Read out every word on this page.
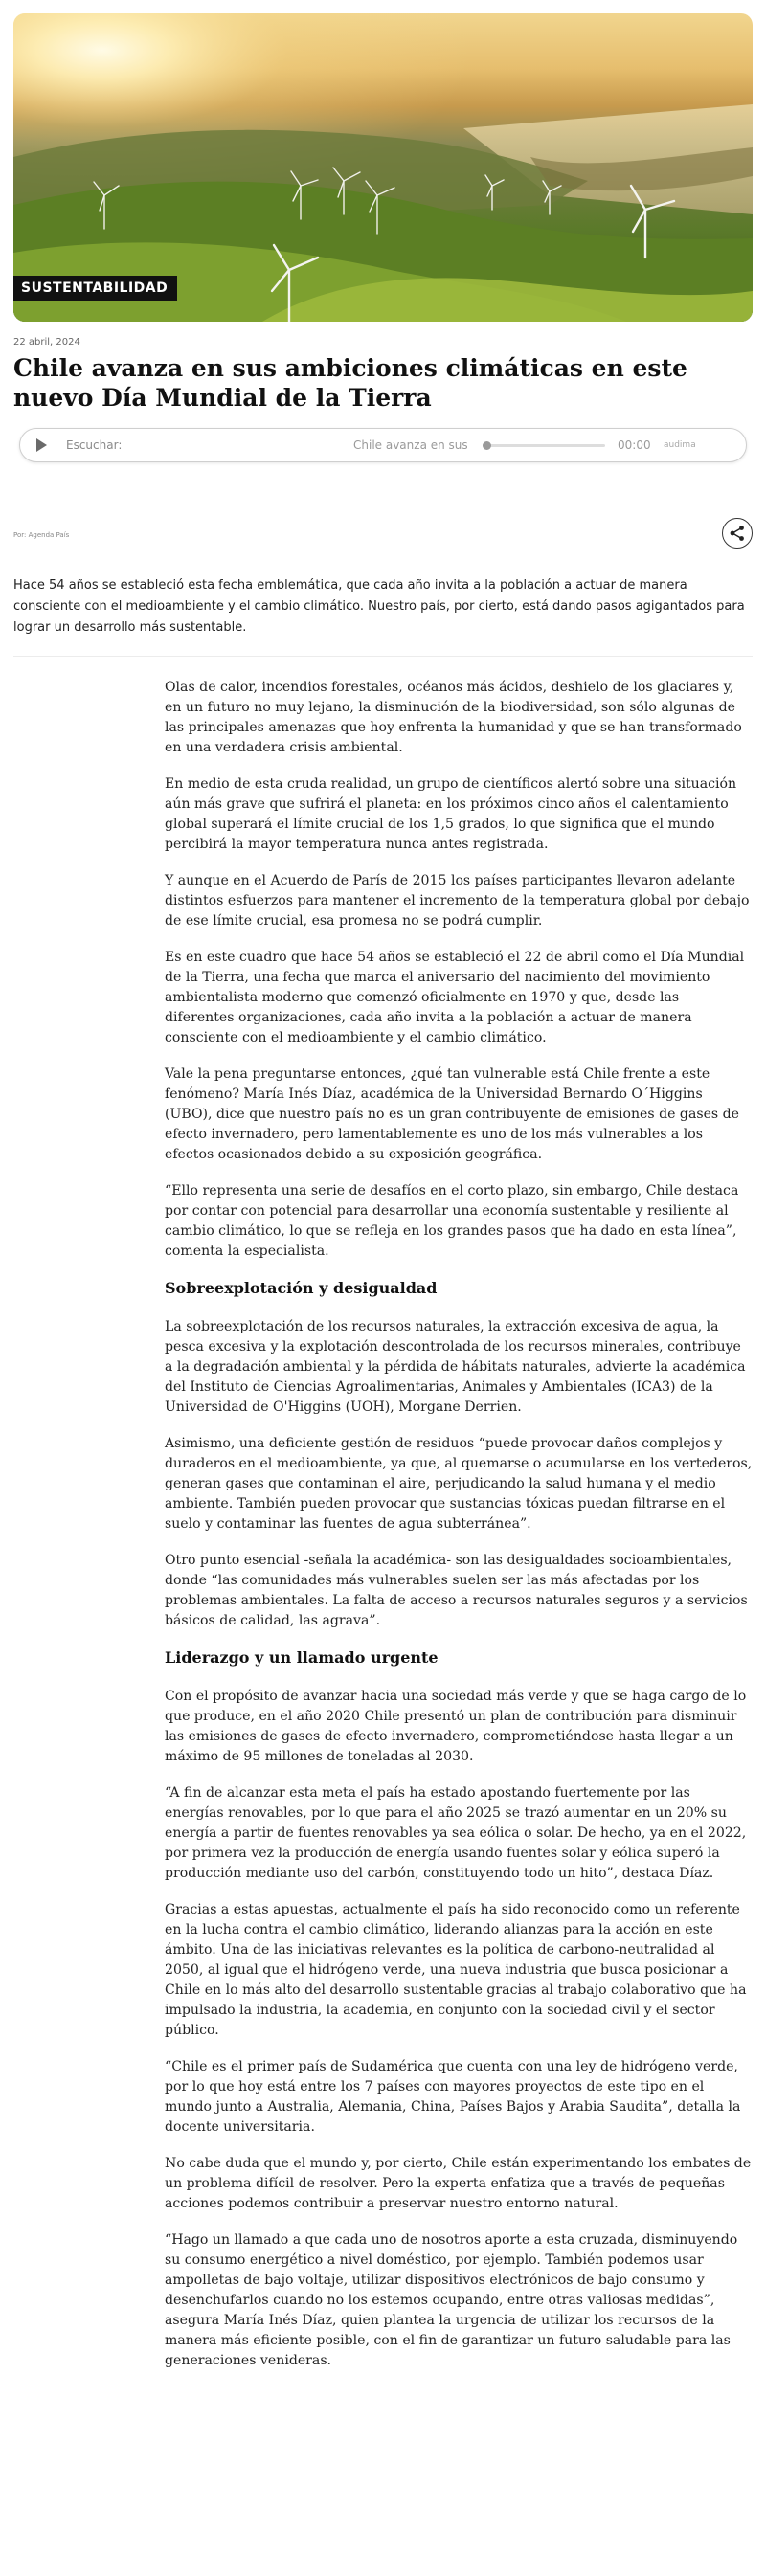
SUSTENTABILIDAD
22 abril, 2024
Chile avanza en sus ambiciones climáticas en este nuevo Día Mundial de la Tierra
Escuchar:	Chile avanza en sus	00:00	audima
Por: Agenda País

Hace 54 años se estableció esta fecha emblemática, que cada año invita a la población a actuar de manera consciente con el medioambiente y el cambio climático. Nuestro país, por cierto, está dando pasos agigantados para lograr un desarrollo más sustentable.

Olas de calor, incendios forestales, océanos más ácidos, deshielo de los glaciares y, en un futuro no muy lejano, la disminución de la biodiversidad, son sólo algunas de las principales amenazas que hoy enfrenta la humanidad y que se han transformado en una verdadera crisis ambiental.

En medio de esta cruda realidad, un grupo de científicos alertó sobre una situación aún más grave que sufrirá el planeta: en los próximos cinco años el calentamiento global superará el límite crucial de los 1,5 grados, lo que significa que el mundo percibirá la mayor temperatura nunca antes registrada.

Y aunque en el Acuerdo de París de 2015 los países participantes llevaron adelante distintos esfuerzos para mantener el incremento de la temperatura global por debajo de ese límite crucial, esa promesa no se podrá cumplir.

Es en este cuadro que hace 54 años se estableció el 22 de abril como el Día Mundial de la Tierra, una fecha que marca el aniversario del nacimiento del movimiento ambientalista moderno que comenzó oficialmente en 1970 y que, desde las diferentes organizaciones, cada año invita a la población a actuar de manera consciente con el medioambiente y el cambio climático.

Vale la pena preguntarse entonces, ¿qué tan vulnerable está Chile frente a este fenómeno? María Inés Díaz, académica de la Universidad Bernardo O´Higgins (UBO), dice que nuestro país no es un gran contribuyente de emisiones de gases de efecto invernadero, pero lamentablemente es uno de los más vulnerables a los efectos ocasionados debido a su exposición geográfica.

“Ello representa una serie de desafíos en el corto plazo, sin embargo, Chile destaca por contar con potencial para desarrollar una economía sustentable y resiliente al cambio climático, lo que se refleja en los grandes pasos que ha dado en esta línea”, comenta la especialista.

Sobreexplotación y desigualdad

La sobreexplotación de los recursos naturales, la extracción excesiva de agua, la pesca excesiva y la explotación descontrolada de los recursos minerales, contribuye a la degradación ambiental y la pérdida de hábitats naturales, advierte la académica del Instituto de Ciencias Agroalimentarias, Animales y Ambientales (ICA3) de la Universidad de O'Higgins (UOH), Morgane Derrien.

Asimismo, una deficiente gestión de residuos “puede provocar daños complejos y duraderos en el medioambiente, ya que, al quemarse o acumularse en los vertederos, generan gases que contaminan el aire, perjudicando la salud humana y el medio ambiente. También pueden provocar que sustancias tóxicas puedan filtrarse en el suelo y contaminar las fuentes de agua subterránea”.

Otro punto esencial -señala la académica- son las desigualdades socioambientales, donde “las comunidades más vulnerables suelen ser las más afectadas por los problemas ambientales. La falta de acceso a recursos naturales seguros y a servicios básicos de calidad, las agrava”.

Liderazgo y un llamado urgente

Con el propósito de avanzar hacia una sociedad más verde y que se haga cargo de lo que produce, en el año 2020 Chile presentó un plan de contribución para disminuir las emisiones de gases de efecto invernadero, comprometiéndose hasta llegar a un máximo de 95 millones de toneladas al 2030.

“A fin de alcanzar esta meta el país ha estado apostando fuertemente por las energías renovables, por lo que para el año 2025 se trazó aumentar en un 20% su energía a partir de fuentes renovables ya sea eólica o solar. De hecho, ya en el 2022, por primera vez la producción de energía usando fuentes solar y eólica superó la producción mediante uso del carbón, constituyendo todo un hito”, destaca Díaz.

Gracias a estas apuestas, actualmente el país ha sido reconocido como un referente en la lucha contra el cambio climático, liderando alianzas para la acción en este ámbito. Una de las iniciativas relevantes es la política de carbono-neutralidad al 2050, al igual que el hidrógeno verde, una nueva industria que busca posicionar a Chile en lo más alto del desarrollo sustentable gracias al trabajo colaborativo que ha impulsado la industria, la academia, en conjunto con la sociedad civil y el sector público.

“Chile es el primer país de Sudamérica que cuenta con una ley de hidrógeno verde, por lo que hoy está entre los 7 países con mayores proyectos de este tipo en el mundo junto a Australia, Alemania, China, Países Bajos y Arabia Saudita”, detalla la docente universitaria.

No cabe duda que el mundo y, por cierto, Chile están experimentando los embates de un problema difícil de resolver. Pero la experta enfatiza que a través de pequeñas acciones podemos contribuir a preservar nuestro entorno natural.

“Hago un llamado a que cada uno de nosotros aporte a esta cruzada, disminuyendo su consumo energético a nivel doméstico, por ejemplo. También podemos usar ampolletas de bajo voltaje, utilizar dispositivos electrónicos de bajo consumo y desenchufarlos cuando no los estemos ocupando, entre otras valiosas medidas”, asegura María Inés Díaz, quien plantea la urgencia de utilizar los recursos de la manera más eficiente posible, con el fin de garantizar un futuro saludable para las generaciones venideras.
